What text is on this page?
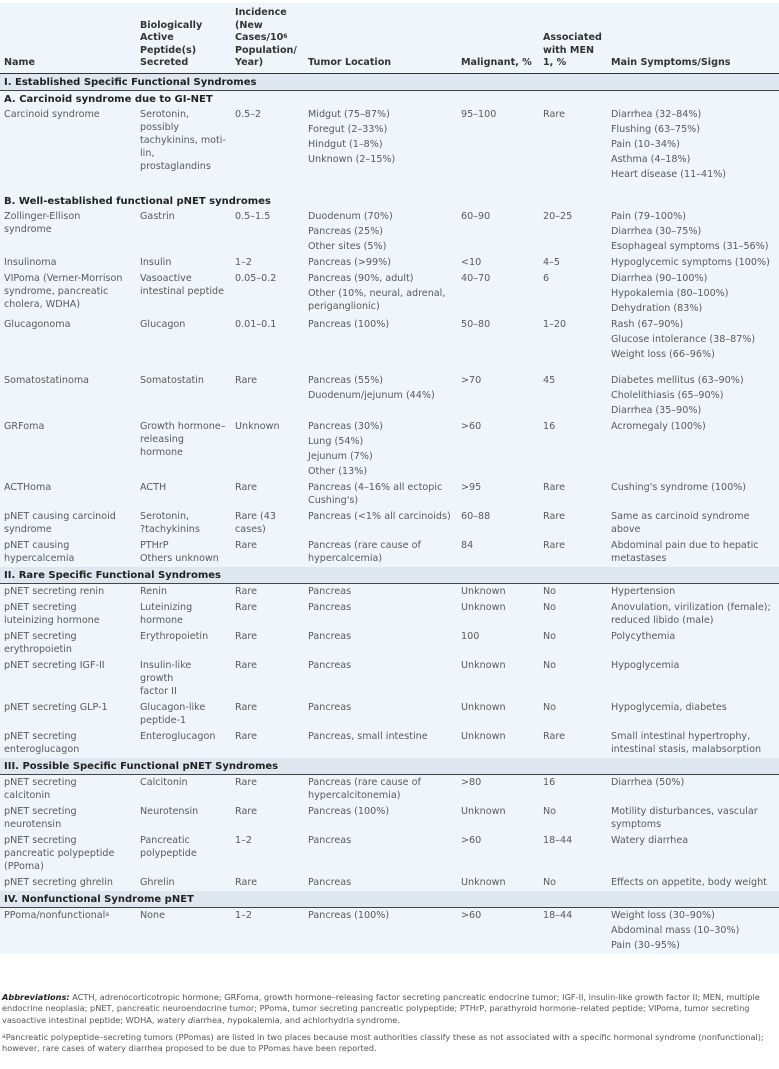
Name	Biologically
Active Peptide(s)
Secreted	Incidence
(New
Cases/$10^6$
Population/
Year)	Tumor Location	Malignant, %	Associated
with MEN
1, %	Main Symptoms/Signs
I. Established Specific Functional Syndromes						
A. Carcinoid syndrome due to GI-NET						
Carcinoid syndrome	Serotonin, possibly
tachykinins, moti-
lin, prostaglandins	0.5–2	Midgut (75–87%)
Foregut (2–33%)
Hindgut (1–8%)
Unknown (2–15%)	95–100	Rare	Diarrhea (32–84%)
Flushing (63–75%)
Pain (10–34%)
Asthma (4–18%)
Heart disease (11–41%)

B. Well-established functional pNET syndromes						
Zollinger-Ellison
syndrome	Gastrin	0.5–1.5	Duodenum (70%)
Pancreas (25%)
Other sites (5%)	60–90	20–25	Pain (79–100%)
Diarrhea (30–75%)
Esophageal symptoms (31–56%)

Insulinoma	Insulin	1–2	Pancreas (>99%)	<10	4–5	Hypoglycemic symptoms (100%)

VIPoma (Verner-Morrison
syndrome, pancreatic
cholera, WDHA)	Vasoactive
intestinal peptide	0.05–0.2	Pancreas (90%, adult)
Other (10%, neural, adrenal, periganglionic)	40–70	6	Diarrhea (90–100%)
Hypokalemia (80–100%)
Dehydration (83%)

Glucagonoma	Glucagon	0.01–0.1	Pancreas (100%)	50–80	1–20	Rash (67–90%)
Glucose intolerance (38–87%)
Weight loss (66–96%)

Somatostatinoma	Somatostatin	Rare	Pancreas (55%)
Duodenum/jejunum (44%)	>70	45	Diabetes mellitus (63–90%)
Cholelithiasis (65–90%)
Diarrhea (35–90%)

GRFoma	Growth hormone–
releasing hormone	Unknown	Pancreas (30%)
Lung (54%)
Jejunum (7%)
Other (13%)	>60	16	Acromegaly (100%)

ACTHoma	ACTH	Rare	Pancreas (4–16% all ectopic Cushing's)	>95	Rare	Cushing's syndrome (100%)

pNET causing carcinoid
syndrome	Serotonin,
?tachykinins	Rare (43
cases)	Pancreas (<1% all carcinoids)	60–88	Rare	Same as carcinoid syndrome above

pNET causing
hypercalcemia	PTHrP
Others unknown	Rare	Pancreas (rare cause of hypercalcemia)	84	Rare	Abdominal pain due to hepatic metastases

II. Rare Specific Functional Syndromes						
pNET secreting renin	Renin	Rare	Pancreas	Unknown	No	Hypertension

pNET secreting
luteinizing hormone	Luteinizing
hormone	Rare	Pancreas	Unknown	No	Anovulation, virilization (female); reduced libido (male)

pNET secreting
erythropoietin	Erythropoietin	Rare	Pancreas	100	No	Polycythemia

pNET secreting IGF-II	Insulin-like growth
factor II	Rare	Pancreas	Unknown	No	Hypoglycemia

pNET secreting GLP-1	Glucagon-like
peptide-1	Rare	Pancreas	Unknown	No	Hypoglycemia, diabetes

pNET secreting
enteroglucagon	Enteroglucagon	Rare	Pancreas, small intestine	Unknown	Rare	Small intestinal hypertrophy, intestinal stasis, malabsorption

III. Possible Specific Functional pNET Syndromes						
pNET secreting
calcitonin	Calcitonin	Rare	Pancreas (rare cause of hypercalcitonemia)	>80	16	Diarrhea (50%)

pNET secreting
neurotensin	Neurotensin	Rare	Pancreas (100%)	Unknown	No	Motility disturbances, vascular symptoms

pNET secreting
pancreatic polypeptide
(PPoma)	Pancreatic
polypeptide	1–2	Pancreas	>60	18–44	Watery diarrhea

pNET secreting ghrelin	Ghrelin	Rare	Pancreas	Unknown	No	Effects on appetite, body weight

IV. Nonfunctional Syndrome pNET						
PPoma/nonfunctional$^a$	None	1–2	Pancreas (100%)	>60	18–44	Weight loss (30–90%)
Abdominal mass (10–30%)
Pain (30–95%)

Abbreviations: ACTH, adrenocorticotropic hormone; GRFoma, growth hormone–releasing factor secreting pancreatic endocrine tumor; IGF-II, insulin-like growth factor II; MEN, multiple endocrine neoplasia; pNET, pancreatic neuroendocrine tumor; PPoma, tumor secreting pancreatic polypeptide; PTHrP, parathyroid hormone–related peptide; VIPoma, tumor secreting vasoactive intestinal peptide; WDHA, watery diarrhea, hypokalemia, and achlorhydria syndrome.

$^a$Pancreatic polypeptide–secreting tumors (PPomas) are listed in two places because most authorities classify these as not associated with a specific hormonal syndrome (nonfunctional); however, rare cases of watery diarrhea proposed to be due to PPomas have been reported.
